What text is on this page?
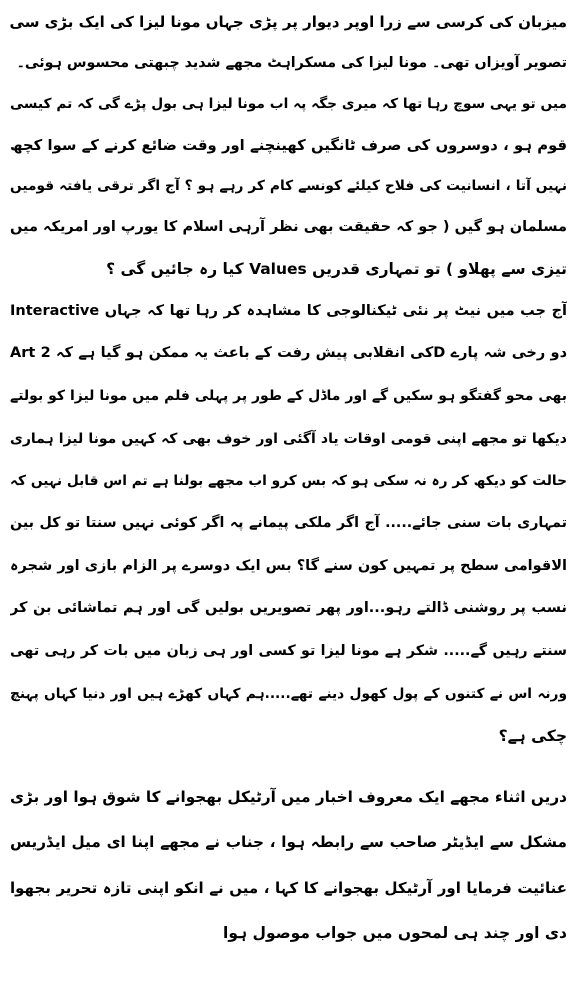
میزبان کی کرسی سے زرا اوپر دیوار پر پڑی جہاں مونا لیزا کی ایک بڑی سی
تصویر آویزاں تھی۔ مونا لیزا کی مسکراہٹ مجھے شدید چبھتی محسوس ہوئی۔
میں تو یہی سوچ رہا تھا کہ میری جگہ پہ اب مونا لیزا ہی بول پڑے گی کہ تم کیسی
قوم ہو ، دوسروں کی صرف ٹانگیں کھینچنے اور وقت ضائع کرنے کے سوا کچھ
نہیں آتا ، انسانیت کی فلاح کیلئے کونسے کام کر رہے ہو ؟ آج اگر ترقی یافتہ قومیں
مسلمان ہو گیں ( جو کہ حقیقت بھی نظر آرہی اسلام کا یورپ اور امریکہ میں
تیزی سے پھلاو ) تو تمہاری قدریں Values کیا رہ جائیں گی ؟
آج جب میں نیٹ پر نئی ٹیکنالوجی کا مشاہدہ کر رہا تھا کہ جہاں Interactive
Art کی انقلابی پیش رفت کے باعث یہ ممکن ہو گیا ہے کہ 2D دو رخی شہ پارے
بھی محو گفتگو ہو سکیں گے اور ماڈل کے طور پر پہلی فلم میں مونا لیزا کو بولتے
دیکھا تو مجھے اپنی قومی اوقات یاد آگئی اور خوف بھی کہ کہیں مونا لیزا ہماری
حالت کو دیکھ کر رہ نہ سکی ہو کہ بس کرو اب مجھے بولنا ہے تم اس قابل نہیں کہ
تمہاری بات سنی جائے..... آج اگر ملکی پیمانے پہ اگر کوئی نہیں سنتا تو کل بین
الاقوامی سطح پر تمہیں کون سنے گا؟ بس ایک دوسرے پر الزام بازی اور شجرہ
نسب پر روشنی ڈالتے رہو...اور پھر تصویریں بولیں گی اور ہم تماشائی بن کر
سنتے رہیں گے..... شکر ہے مونا لیزا تو کسی اور ہی زبان میں بات کر رہی تھی
ورنہ اس نے کتنوں کے پول کھول دینے تھے.....ہم کہاں کھڑے ہیں اور دنیا کہاں پہنچ
چکی ہے؟
دریں اثناء مجھے ایک معروف اخبار میں آرٹیکل بھجوانے کا شوق ہوا اور بڑی
مشکل سے ایڈیٹر صاحب سے رابطہ ہوا ، جناب نے مجھے اپنا ای میل ایڈریس
عنائیت فرمایا اور آرٹیکل بھجوانے کا کہا ، میں نے انکو اپنی تازہ تحریر بجھوا
دی اور چند ہی لمحوں میں جواب موصول ہوا
